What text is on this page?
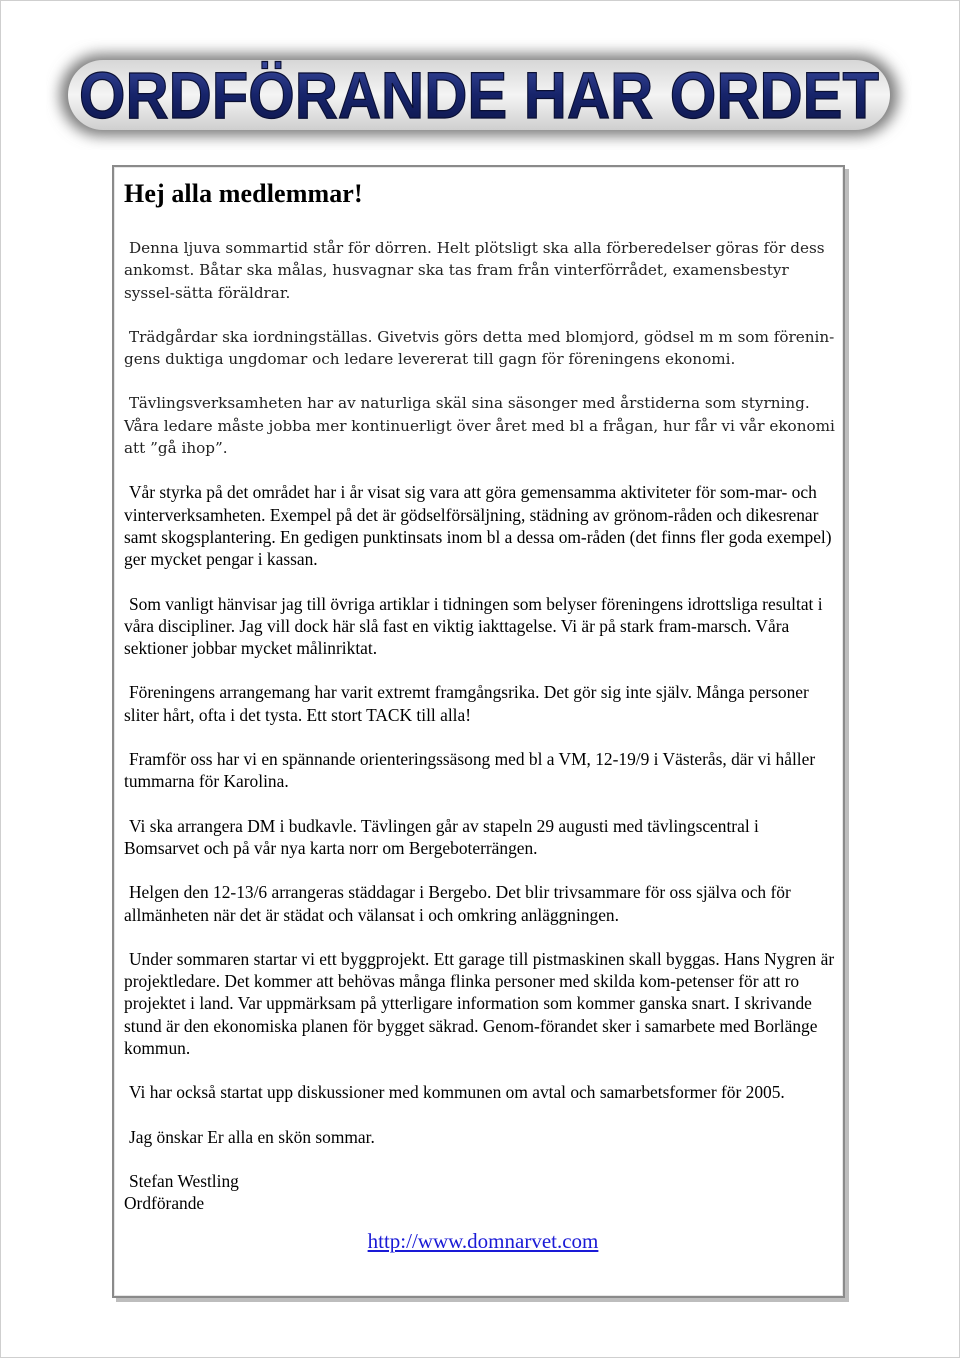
ORDFÖRANDE HAR ORDET
Hej alla medlemmar!

Denna ljuva sommartid står för dörren. Helt plötsligt ska alla förberedelser göras för dess ankomst. Båtar ska målas, husvagnar ska tas fram från vinterförrådet, examensbestyr syssel-sätta föräldrar.

Trädgårdar ska iordningställas. Givetvis görs detta med blomjord, gödsel m m som förenin-gens duktiga ungdomar och ledare levererat till gagn för föreningens ekonomi.

Tävlingsverksamheten har av naturliga skäl sina säsonger med årstiderna som styrning. Våra ledare måste jobba mer kontinuerligt över året med bl a frågan, hur får vi vår ekonomi att ”gå ihop”.

Vår styrka på det området har i år visat sig vara att göra gemensamma aktiviteter för som-mar- och vinterverksamheten. Exempel på det är gödselförsäljning, städning av grönom-råden och dikesrenar samt skogsplantering. En gedigen punktinsats inom bl a dessa om-råden (det finns fler goda exempel) ger mycket pengar i kassan.

Som vanligt hänvisar jag till övriga artiklar i tidningen som belyser föreningens idrottsliga resultat i våra discipliner. Jag vill dock här slå fast en viktig iakttagelse. Vi är på stark fram-marsch. Våra sektioner jobbar mycket målinriktat.

Föreningens arrangemang har varit extremt framgångsrika. Det gör sig inte själv. Många personer sliter hårt, ofta i det tysta. Ett stort TACK till alla!

Framför oss har vi en spännande orienteringssäsong med bl a VM, 12-19/9 i Västerås, där vi håller tummarna för Karolina.

Vi ska arrangera DM i budkavle. Tävlingen går av stapeln 29 augusti med tävlingscentral i Bomsarvet och på vår nya karta norr om Bergeboterrängen.

Helgen den 12-13/6 arrangeras städdagar i Bergebo. Det blir trivsammare för oss själva och för allmänheten när det är städat och välansat i och omkring anläggningen.

Under sommaren startar vi ett byggprojekt. Ett garage till pistmaskinen skall byggas. Hans Nygren är projektledare. Det kommer att behövas många flinka personer med skilda kom-petenser för att ro projektet i land. Var uppmärksam på ytterligare information som kommer ganska snart. I skrivande stund är den ekonomiska planen för bygget säkrad. Genom-förandet sker i samarbete med Borlänge kommun.

Vi har också startat upp diskussioner med kommunen om avtal och samarbetsformer för 2005.

Jag önskar Er alla en skön sommar.

Stefan Westling
Ordförande
http://www.domnarvet.com
